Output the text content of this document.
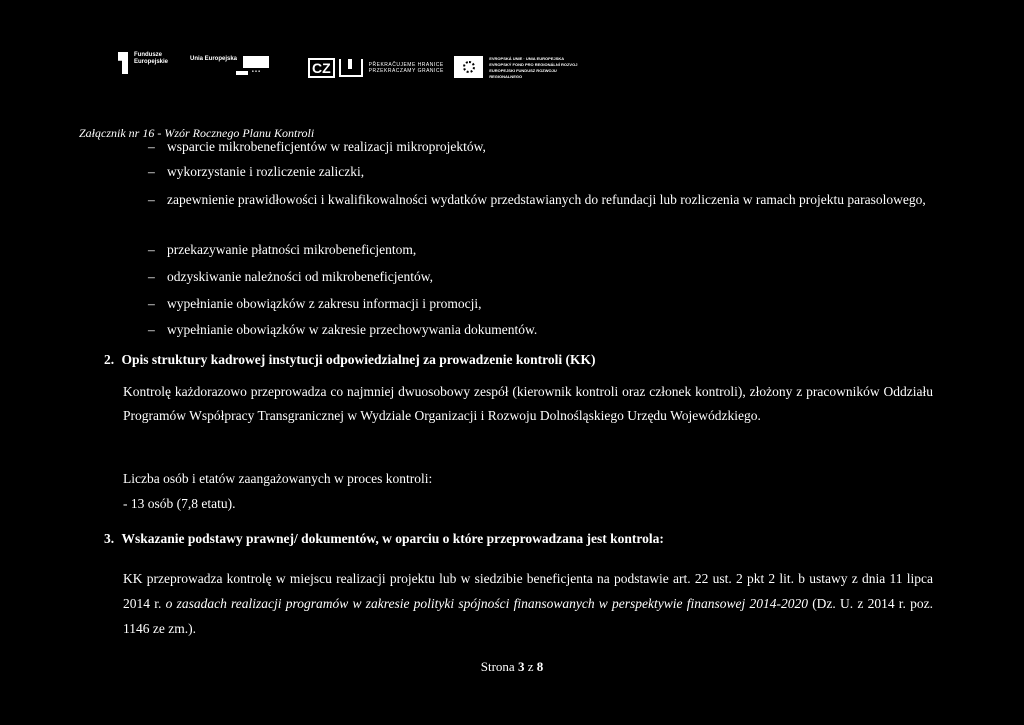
Fundusze
Europejskie	Unia Europejska
• • •	CZ	PŘEKRAČUJEME HRANICE
PRZEKRACZAMY GRANICE
EVROPSKÁ UNIE · UNIA EUROPEJSKA
EVROPSKÝ FOND PRO REGIONÁLNÍ ROZVOJ
EUROPEJSKI FUNDUSZ ROZWOJU REGIONALNEGO
Załącznik nr 16 - Wzór Rocznego Planu Kontroli
– wsparcie mikrobeneficjentów w realizacji mikroprojektów,
– wykorzystanie i rozliczenie zaliczki,
– zapewnienie prawidłowości i kwalifikowalności wydatków przedstawianych do refundacji lub rozliczenia w ramach projektu parasolowego,
– przekazywanie płatności mikrobeneficjentom,
– odzyskiwanie należności od mikrobeneficjentów,
– wypełnianie obowiązków z zakresu informacji i promocji,
– wypełnianie obowiązków w zakresie przechowywania dokumentów.
2. Opis struktury kadrowej instytucji odpowiedzialnej za prowadzenie kontroli (KK)
Kontrolę każdorazowo przeprowadza co najmniej dwuosobowy zespół (kierownik kontroli oraz członek kontroli), złożony z pracowników Oddziału Programów Współpracy Transgranicznej w Wydziale Organizacji i Rozwoju Dolnośląskiego Urzędu Wojewódzkiego.
Liczba osób i etatów zaangażowanych w proces kontroli:
- 13 osób (7,8 etatu).
3. Wskazanie podstawy prawnej/ dokumentów, w oparciu o które przeprowadzana jest kontrola:
KK przeprowadza kontrolę w miejscu realizacji projektu lub w siedzibie beneficjenta na podstawie art. 22 ust. 2 pkt 2 lit. b ustawy z dnia 11 lipca 2014 r. o zasadach realizacji programów w zakresie polityki spójności finansowanych w perspektywie finansowej 2014-2020 (Dz. U. z 2014 r. poz. 1146 ze zm.).
Strona 3 z 8
